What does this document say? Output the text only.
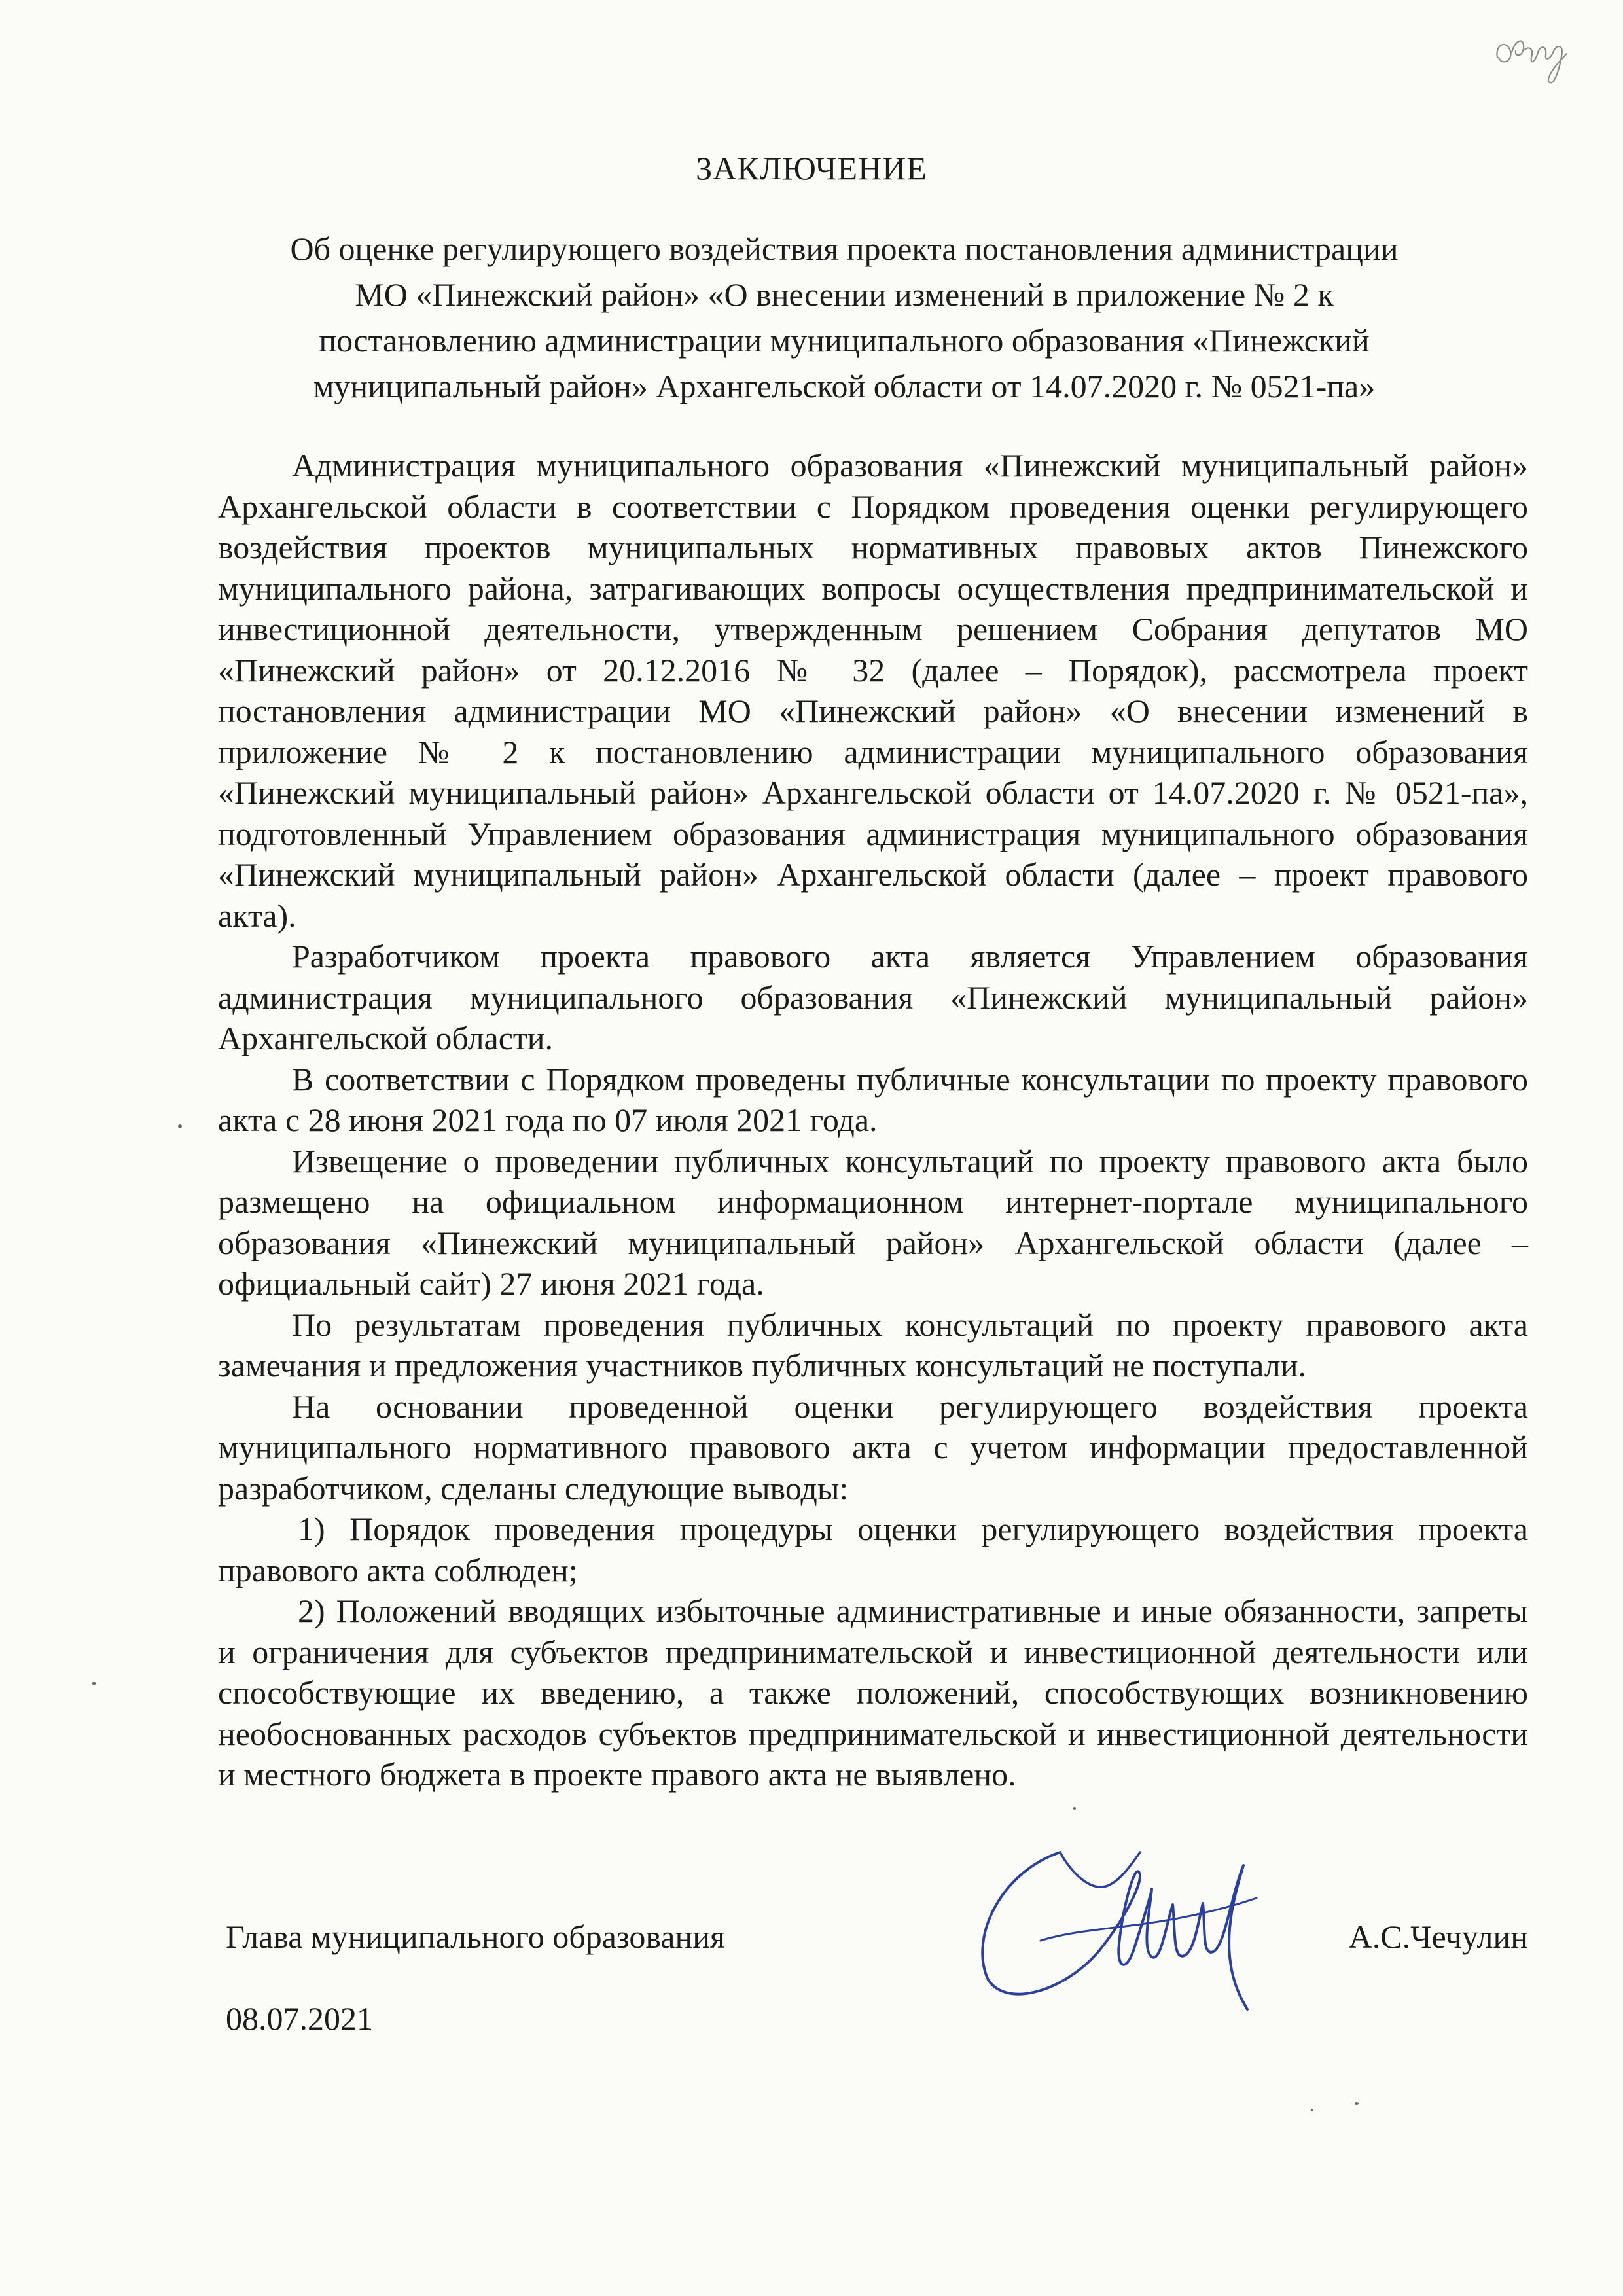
ЗАКЛЮЧЕНИЕ
Об оценке регулирующего воздействия проекта постановления администрации
МО «Пинежский район» «О внесении изменений в приложение № 2 к
постановлению администрации муниципального образования «Пинежский
муниципальный район» Архангельской области от 14.07.2020 г. № 0521-па»

Администрация муниципального образования «Пинежский муниципальный район» Архангельской области в соответствии с Порядком проведения оценки регулирующего воздействия проектов муниципальных нормативных правовых актов Пинежского муниципального района, затрагивающих вопросы осуществления предпринимательской и инвестиционной деятельности, утвержденным решением Собрания депутатов МО «Пинежский район» от 20.12.2016 № 32 (далее – Порядок), рассмотрела проект постановления администрации МО «Пинежский район» «О внесении изменений в приложение № 2 к постановлению администрации муниципального образования «Пинежский муниципальный район» Архангельской области от 14.07.2020 г. № 0521-па», подготовленный Управлением образования администрация муниципального образования «Пинежский муниципальный район» Архангельской области (далее – проект правового акта).

Разработчиком проекта правового акта является Управлением образования администрация муниципального образования «Пинежский муниципальный район» Архангельской области.

В соответствии с Порядком проведены публичные консультации по проекту правового акта с 28 июня 2021 года по 07 июля 2021 года.

Извещение о проведении публичных консультаций по проекту правового акта было размещено на официальном информационном интернет-портале муниципального образования «Пинежский муниципальный район» Архангельской области (далее – официальный сайт) 27 июня 2021 года.

По результатам проведения публичных консультаций по проекту правового акта замечания и предложения участников публичных консультаций не поступали.

На основании проведенной оценки регулирующего воздействия проекта муниципального нормативного правового акта с учетом информации предоставленной разработчиком, сделаны следующие выводы:

1) Порядок проведения процедуры оценки регулирующего воздействия проекта правового акта соблюден;

2) Положений вводящих избыточные административные и иные обязанности, запреты и ограничения для субъектов предпринимательской и инвестиционной деятельности или способствующие их введению, а также положений, способствующих возникновению необоснованных расходов субъектов предпринимательской и инвестиционной деятельности и местного бюджета в проекте правого акта не выявлено.

Глава муниципального образования	А.С.Чечулин
08.07.2021
